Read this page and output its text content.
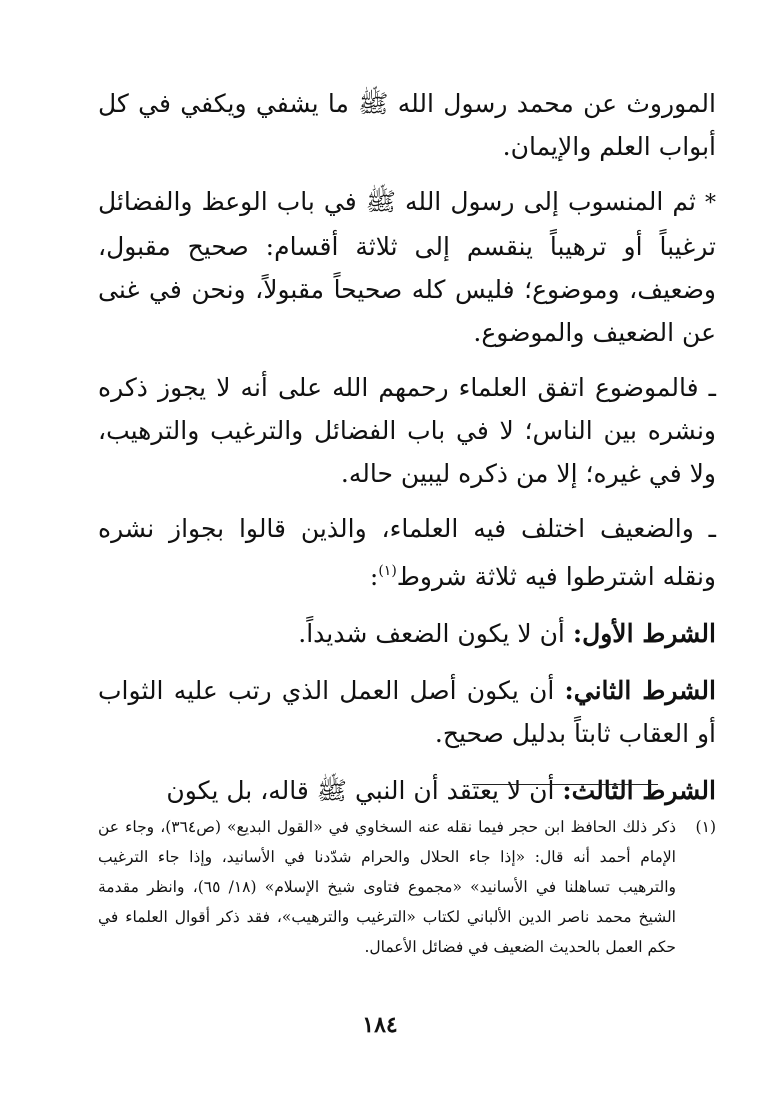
الموروث عن محمد رسول الله ﷺ ما يشفي ويكفي في كل أبواب العلم والإيمان.

* ثم المنسوب إلى رسول الله ﷺ في باب الوعظ والفضائل ترغيباً أو ترهيباً ينقسم إلى ثلاثة أقسام: صحيح مقبول، وضعيف، وموضوع؛ فليس كله صحيحاً مقبولاً، ونحن في غنى عن الضعيف والموضوع.

ـ فالموضوع اتفق العلماء رحمهم الله على أنه لا يجوز ذكره ونشره بين الناس؛ لا في باب الفضائل والترغيب والترهيب، ولا في غيره؛ إلا من ذكره ليبين حاله.

ـ والضعيف اختلف فيه العلماء، والذين قالوا بجواز نشره ونقله اشترطوا فيه ثلاثة شروط$^{(١)}$:

الشرط الأول: أن لا يكون الضعف شديداً.

الشرط الثاني: أن يكون أصل العمل الذي رتب عليه الثواب أو العقاب ثابتاً بدليل صحيح.

الشرط الثالث: أن لا يعتقد أن النبي ﷺ قاله، بل يكون

(١)
ذكر ذلك الحافظ ابن حجر فيما نقله عنه السخاوي في «القول البديع» (ص٣٦٤)، وجاء عن الإمام أحمد أنه قال: «إذا جاء الحلال والحرام شدّدنا في الأسانيد، وإذا جاء الترغيب والترهيب تساهلنا في الأسانيد» «مجموع فتاوى شيخ الإسلام» (١٨/ ٦٥)، وانظر مقدمة الشيخ محمد ناصر الدين الألباني لكتاب «الترغيب والترهيب»، فقد ذكر أقوال العلماء في حكم العمل بالحديث الضعيف في فضائل الأعمال.
١٨٤
